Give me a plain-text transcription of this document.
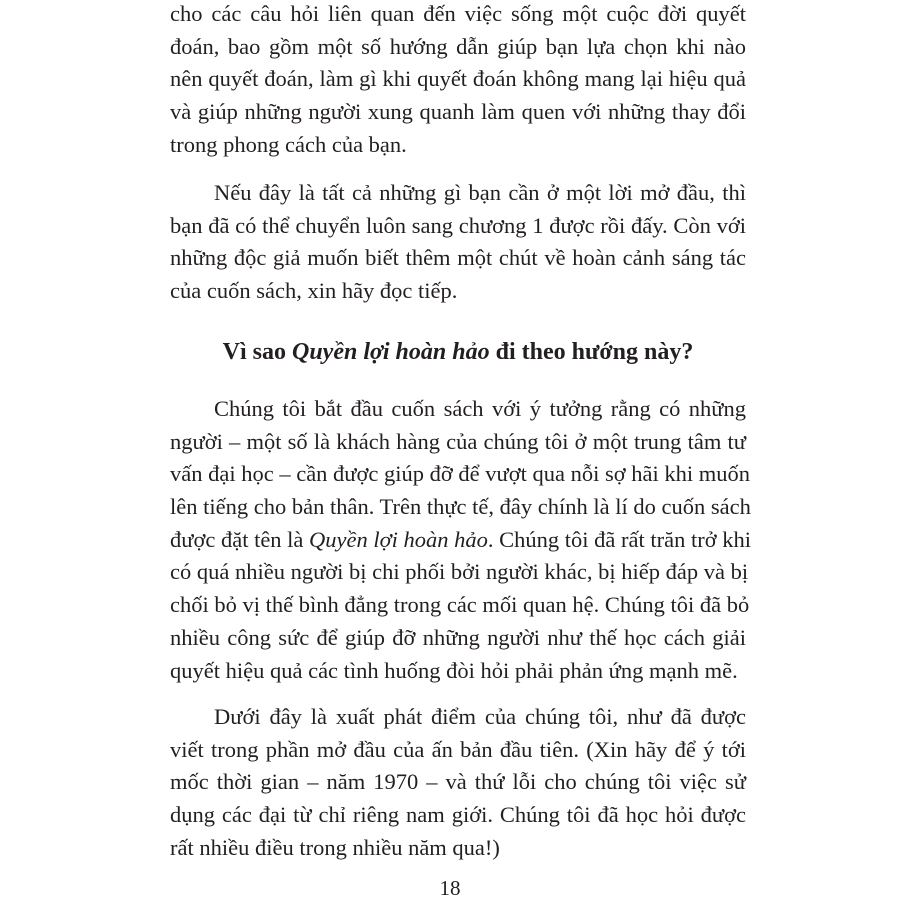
cho các câu hỏi liên quan đến việc sống một cuộc đời quyết
đoán, bao gồm một số hướng dẫn giúp bạn lựa chọn khi nào
nên quyết đoán, làm gì khi quyết đoán không mang lại hiệu quả
và giúp những người xung quanh làm quen với những thay đổi
trong phong cách của bạn.
Nếu đây là tất cả những gì bạn cần ở một lời mở đầu, thì
bạn đã có thể chuyển luôn sang chương 1 được rồi đấy. Còn với
những độc giả muốn biết thêm một chút về hoàn cảnh sáng tác
của cuốn sách, xin hãy đọc tiếp.
Vì sao Quyền lợi hoàn hảo đi theo hướng này?
Chúng tôi bắt đầu cuốn sách với ý tưởng rằng có những
người – một số là khách hàng của chúng tôi ở một trung tâm tư
vấn đại học – cần được giúp đỡ để vượt qua nỗi sợ hãi khi muốn
lên tiếng cho bản thân. Trên thực tế, đây chính là lí do cuốn sách
được đặt tên là Quyền lợi hoàn hảo. Chúng tôi đã rất trăn trở khi
có quá nhiều người bị chi phối bởi người khác, bị hiếp đáp và bị
chối bỏ vị thế bình đẳng trong các mối quan hệ. Chúng tôi đã bỏ
nhiều công sức để giúp đỡ những người như thế học cách giải
quyết hiệu quả các tình huống đòi hỏi phải phản ứng mạnh mẽ.
Dưới đây là xuất phát điểm của chúng tôi, như đã được
viết trong phần mở đầu của ấn bản đầu tiên. (Xin hãy để ý tới
mốc thời gian – năm 1970 – và thứ lỗi cho chúng tôi việc sử
dụng các đại từ chỉ riêng nam giới. Chúng tôi đã học hỏi được
rất nhiều điều trong nhiều năm qua!)
18
